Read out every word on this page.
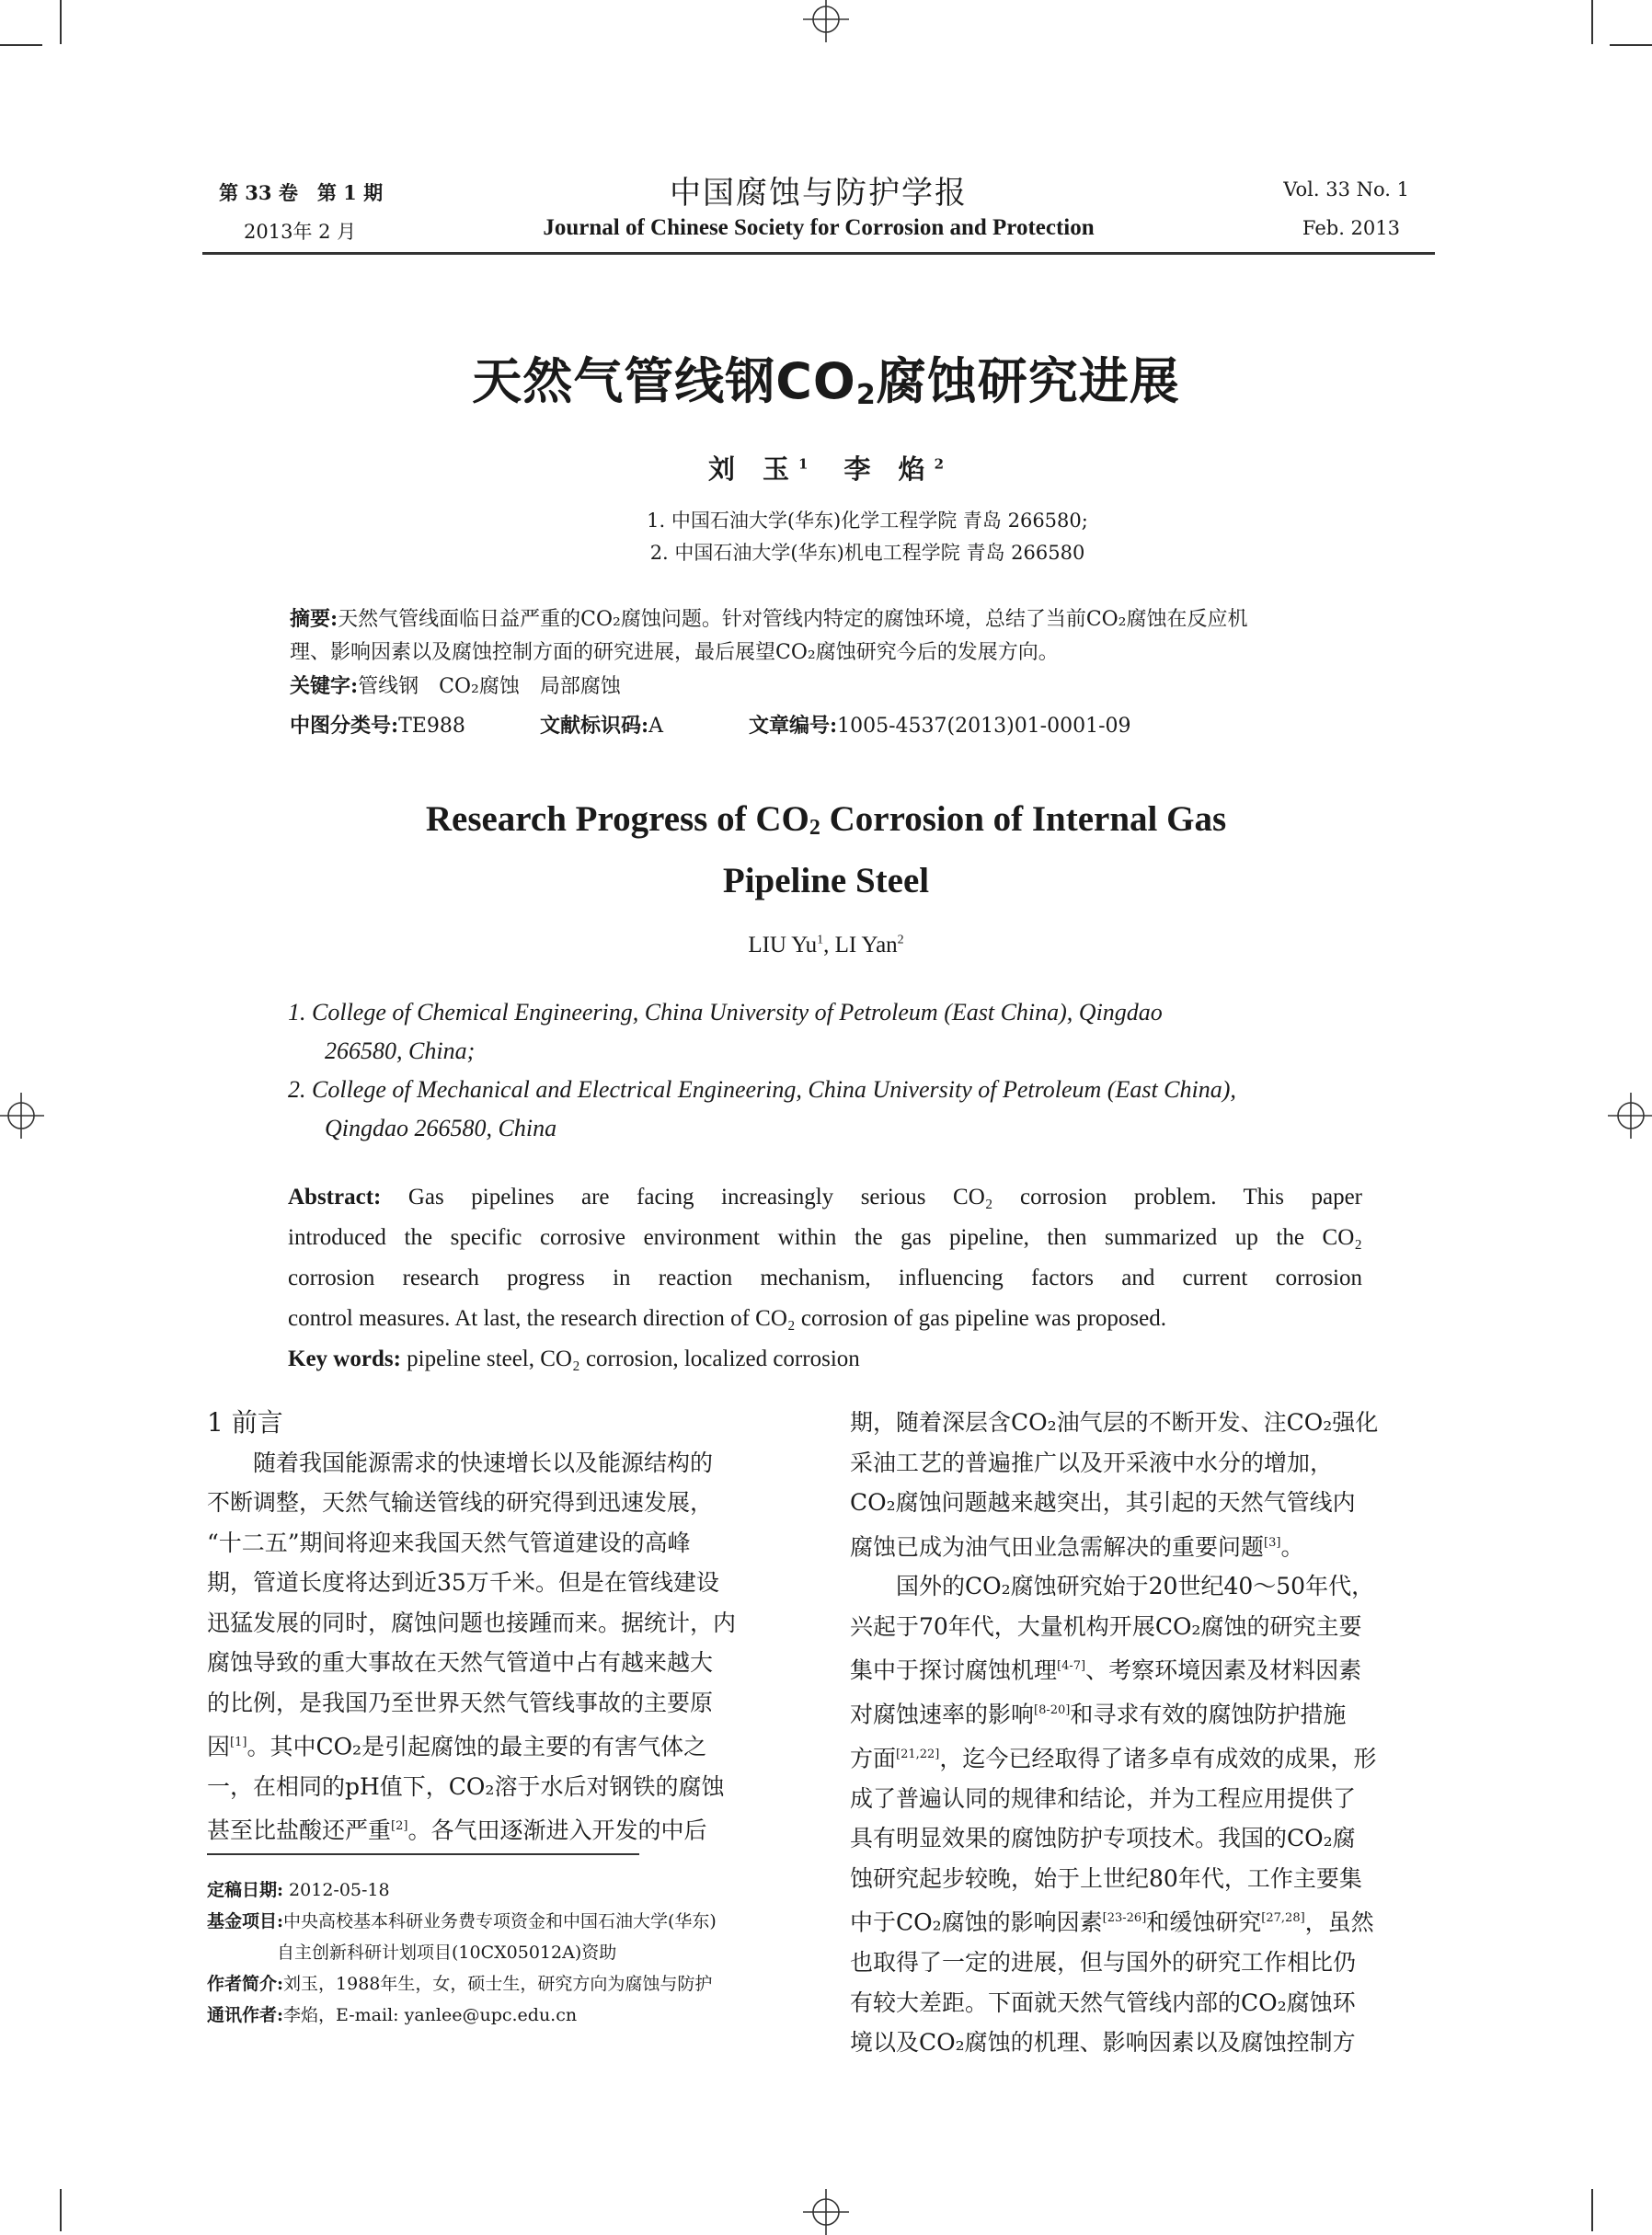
第 33 卷　第 1 期
2013年 2 月
中国腐蚀与防护学报
Journal of Chinese Society for Corrosion and Protection
Vol. 33 No. 1
Feb. 2013
天然气管线钢$CO_2$腐蚀研究进展
刘 玉$^1$　 李 焰$^2$
1. 中国石油大学(华东)化学工程学院 青岛 266580;
2. 中国石油大学(华东)机电工程学院 青岛 266580
摘要:天然气管线面临日益严重的CO₂腐蚀问题。针对管线内特定的腐蚀环境，总结了当前CO₂腐蚀在反应机
理、影响因素以及腐蚀控制方面的研究进展，最后展望CO₂腐蚀研究今后的发展方向。
关键字:管线钢　CO₂腐蚀　局部腐蚀
中图分类号:TE988	文献标识码:A	文章编号:1005-4537(2013)01-0001-09
Research Progress of $CO_2$ Corrosion of Internal Gas
Pipeline Steel
LIU Yu$^1$, LI Yan$^2$
1. College of Chemical Engineering, China University of Petroleum (East China), Qingdao
266580, China;
2. College of Mechanical and Electrical Engineering, China University of Petroleum (East China),
Qingdao 266580, China
Abstract: Gas pipelines are facing increasingly serious CO₂ corrosion problem. This paper
introduced the specific corrosive environment within the gas pipeline, then summarized up the CO₂
corrosion research progress in reaction mechanism, influencing factors and current corrosion
control measures. At last, the research direction of CO₂ corrosion of gas pipeline was proposed.
Key words: pipeline steel, CO₂ corrosion, localized corrosion
1 前言
　　随着我国能源需求的快速增长以及能源结构的
不断调整，天然气输送管线的研究得到迅速发展，
“十二五”期间将迎来我国天然气管道建设的高峰
期，管道长度将达到近35万千米。但是在管线建设
迅猛发展的同时，腐蚀问题也接踵而来。据统计，内
腐蚀导致的重大事故在天然气管道中占有越来越大
的比例，是我国乃至世界天然气管线事故的主要原
因[1]。其中CO₂是引起腐蚀的最主要的有害气体之
一，在相同的pH值下，CO₂溶于水后对钢铁的腐蚀
甚至比盐酸还严重[2]。各气田逐渐进入开发的中后
期，随着深层含CO₂油气层的不断开发、注CO₂强化
采油工艺的普遍推广以及开采液中水分的增加，
CO₂腐蚀问题越来越突出，其引起的天然气管线内
腐蚀已成为油气田业急需解决的重要问题[3]。
　　国外的CO₂腐蚀研究始于20世纪40～50年代，
兴起于70年代，大量机构开展CO₂腐蚀的研究主要
集中于探讨腐蚀机理[4-7]、考察环境因素及材料因素
对腐蚀速率的影响[8-20]和寻求有效的腐蚀防护措施
方面[21,22]，迄今已经取得了诸多卓有成效的成果，形
成了普遍认同的规律和结论，并为工程应用提供了
具有明显效果的腐蚀防护专项技术。我国的CO₂腐
蚀研究起步较晚，始于上世纪80年代，工作主要集
中于CO₂腐蚀的影响因素[23-26]和缓蚀研究[27,28]，虽然
也取得了一定的进展，但与国外的研究工作相比仍
有较大差距。下面就天然气管线内部的CO₂腐蚀环
境以及CO₂腐蚀的机理、影响因素以及腐蚀控制方
定稿日期: 2012-05-18
基金项目:中央高校基本科研业务费专项资金和中国石油大学(华东)
　　　　自主创新科研计划项目(10CX05012A)资助
作者简介:刘玉，1988年生，女，硕士生，研究方向为腐蚀与防护
通讯作者:李焰，E-mail: yanlee@upc.edu.cn
